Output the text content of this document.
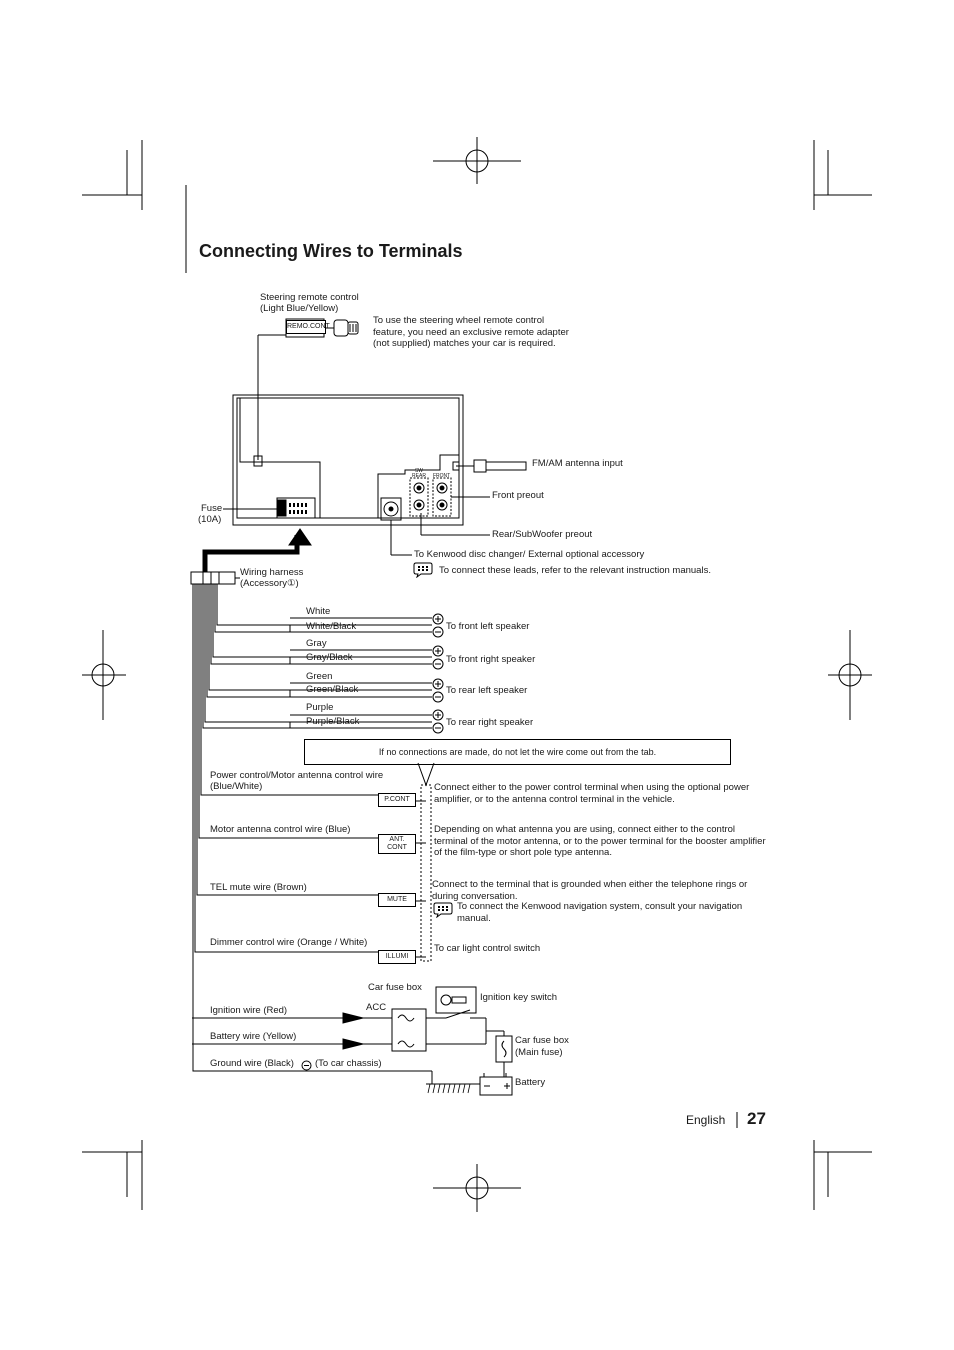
Connecting Wires to Terminals
Steering remote control
(Light Blue/Yellow)
REMO.CONT
To use the steering wheel remote control feature, you need an exclusive remote adapter (not supplied) matches your car is required.
FM/AM antenna input
Front preout
Rear/SubWoofer preout
Fuse
(10A)
To Kenwood disc changer/ External optional accessory
To connect these leads, refer to the relevant instruction manuals.
Wiring harness
(Accessory①)
SW REAR	FRONT
White
White/Black	To front left speaker
Gray
Gray/Black	To front right speaker
Green
Green/Black	To rear left speaker
Purple
Purple/Black	To rear right speaker
If no connections are made, do not let the wire come out from the tab.
Power control/Motor antenna control wire
(Blue/White)
P.CONT
Connect either to the power control terminal when using the optional power amplifier, or to the antenna control terminal in the vehicle.
Motor antenna control wire (Blue)
ANT.
CONT
Depending on what antenna you are using, connect either to the control terminal of the motor antenna, or to the power terminal for the booster amplifier of the film-type or short pole type antenna.
TEL mute wire (Brown)
MUTE
Connect to the terminal that is grounded when either the telephone rings or during conversation.
To connect the Kenwood navigation system, consult your navigation manual.
Dimmer control wire (Orange / White)
ILLUMI
To car light control switch
Car fuse box
ACC
Ignition key switch
Ignition wire (Red)
Battery wire (Yellow)
Ground wire (Black) (To car chassis)
Car fuse box
(Main fuse)
Battery
English 27
